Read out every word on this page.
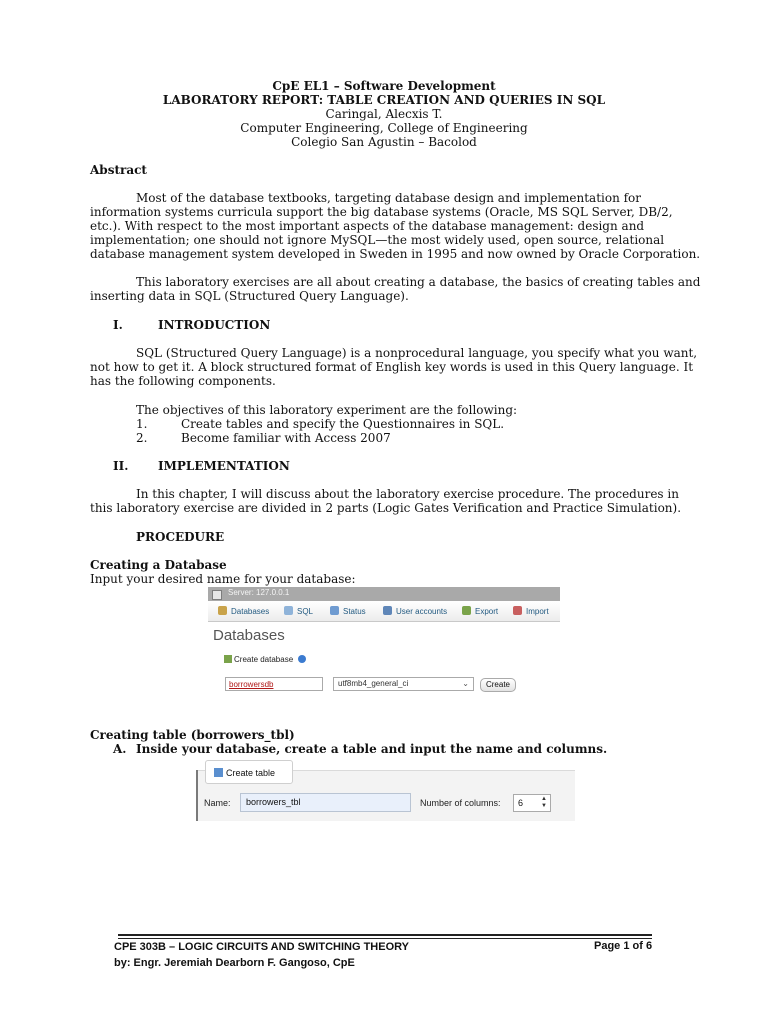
CpE EL1 – Software Development
LABORATORY REPORT: TABLE CREATION AND QUERIES IN SQL
Caringal, Alecxis T.
Computer Engineering, College of Engineering
Colegio San Agustin – Bacolod
Abstract
Most of the database textbooks, targeting database design and implementation for
information systems curricula support the big database systems (Oracle, MS SQL Server, DB/2,
etc.). With respect to the most important aspects of the database management: design and
implementation; one should not ignore MySQL—the most widely used, open source, relational
database management system developed in Sweden in 1995 and now owned by Oracle Corporation.
This laboratory exercises are all about creating a database, the basics of creating tables and
inserting data in SQL (Structured Query Language).
I.	INTRODUCTION
SQL (Structured Query Language) is a nonprocedural language, you specify what you want,
not how to get it. A block structured format of English key words is used in this Query language. It
has the following components.
The objectives of this laboratory experiment are the following:
1.	Create tables and specify the Questionnaires in SQL.
2.	Become familiar with Access 2007
II. IMPLEMENTATION
In this chapter, I will discuss about the laboratory exercise procedure. The procedures in
this laboratory exercise are divided in 2 parts (Logic Gates Verification and Practice Simulation).
PROCEDURE
Creating a Database
Input your desired name for your database:
Server: 127.0.0.1
Databases	SQL	Status	User accounts	Export	Import
Databases
Create database
borrowersdb	utf8mb4_general_ci	⌄	Create
Creating table (borrowers_tbl)
A. Inside your database, create a table and input the name and columns.
Create table
Name:	borrowers_tbl	Number of columns:	6	▲
▼
CPE 303B – LOGIC CIRCUITS AND SWITCHING THEORY	Page 1 of 6
by: Engr. Jeremiah Dearborn F. Gangoso, CpE
